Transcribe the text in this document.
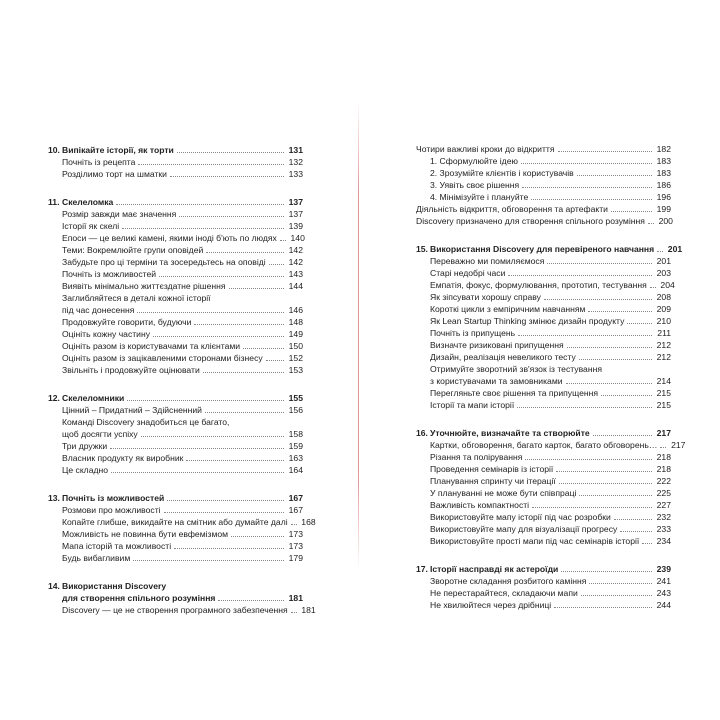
10. Випікайте історії, як торти	131
Почніть із рецепта	132
Розділимо торт на шматки	133
11. Скелеломка	137
Розмір завжди має значення	137
Історії як скелі	139
Епоси — це великі камені, якими іноді б'ють по людях 140
Теми: Вокремлюйте групи оповідей	142
Забудьте про ці терміни та зосередьтесь на оповіді	142
Почніть із можливостей	143
Виявіть мінімально життєздатне рішення	144
Заглибляйтеся в деталі кожної історії
під час донесення	146
Продовжуйте говорити, будуючи	148
Оцініть кожну частину	149
Оцініть разом із користувачами та клієнтами	150
Оцініть разом із зацікавленими сторонами бізнесу	152
Звільніть і продовжуйте оцінювати	153
12. Скелеломники	155
Цінний – Придатний – Здійсненний	156
Команді Discovery знадобиться це багато,
щоб досягти успіху	158
Три дружки	159
Власник продукту як виробник	163
Це складно	164
13. Почніть із можливостей	167
Розмови про можливості	167
Копайте глибше, викидайте на смітник або думайте далі 168
Можливість не повинна бути евфемізмом	173
Мапа історій та можливості	173
Будь вибагливим	179
14. Використання Discovery
для створення спільного розуміння	181
Discovery — це не створення програмного забезпечення 181
Чотири важливі кроки до відкриття	182
1. Сформулюйте ідею	183
2. Зрозумійте клієнтів і користувачів	183
3. Уявіть своє рішення	186
4. Мінімізуйте і плануйте	196
Діяльність відкриття, обговорення та артефакти	199
Discovery призначено для створення спільного розуміння 200
15. Використання Discovery для перевіреного навчання 201
Переважно ми помиляємося	201
Старі недобрі часи	203
Емпатія, фокус, формулювання, прототип, тестування 204
Як зіпсувати хорошу справу	208
Короткі цикли з емпіричним навчанням	209
Як Lean Startup Thinking змінює дизайн продукту	210
Почніть із припущень	211
Визначте ризиковані припущення	212
Дизайн, реалізація невеликого тесту	212
Отримуйте зворотний зв'язок із тестування
з користувачами та замовниками	214
Перегляньте своє рішення та припущення	215
Історії та мапи історії	215
16. Уточнюйте, визначайте та створюйте	217
Картки, обговорення, багато карток, багато обговорень… 217
Різання та полірування	218
Проведення семінарів із історії	218
Планування спринту чи ітерації	222
У плануванні не може бути співпраці	225
Важливість компактності	227
Використовуйте мапу історії під час розробки	232
Використовуйте мапу для візуалізації прогресу	233
Використовуйте прості мапи під час семінарів історії 234
17. Історії насправді як астероїди	239
Зворотне складання розбитого каміння	241
Не перестарайтеся, складаючи мапи	243
Не хвилюйтеся через дрібниці	244
